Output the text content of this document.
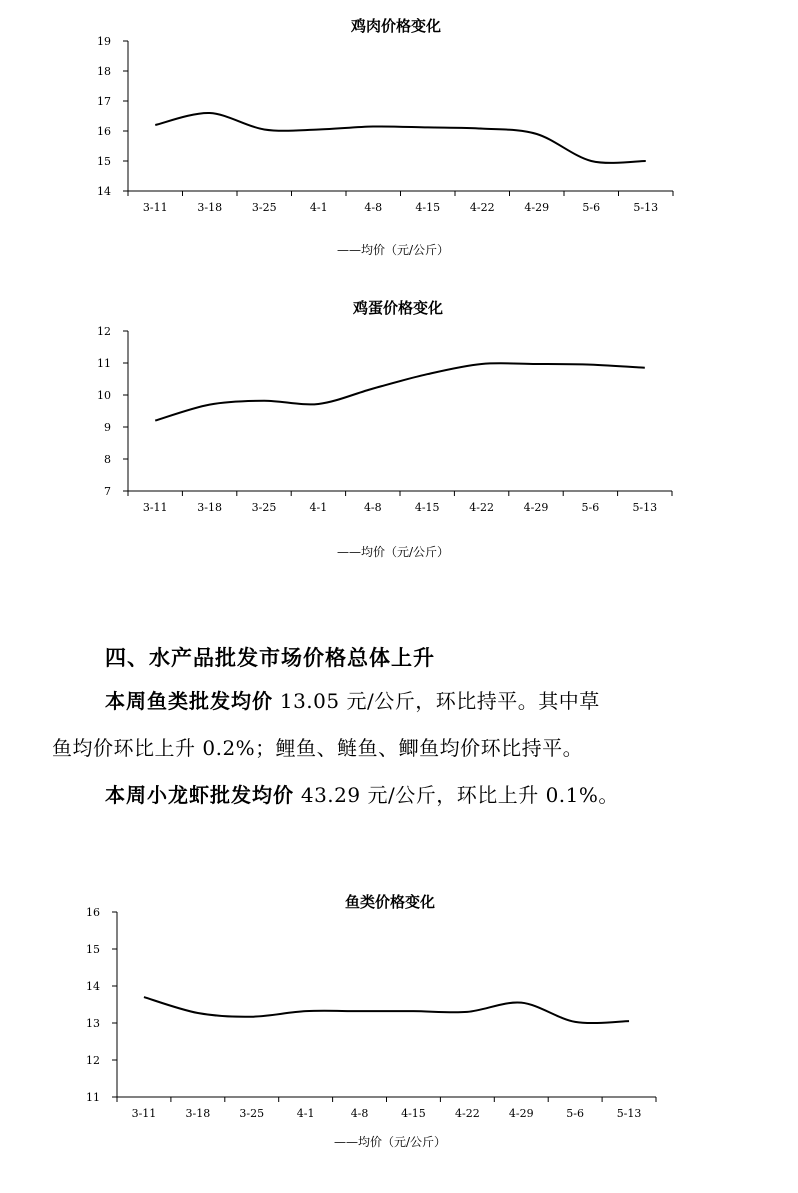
鸡肉价格变化
14
15
16
17
18
19
3-11	3-18	3-25	4-1	4-8	4-15	4-22	4-29	5-6	5-13
——均价（元/公斤）
鸡蛋价格变化
7
8
9
10
11
12
3-11	3-18	3-25	4-1	4-8	4-15	4-22	4-29	5-6	5-13
——均价（元/公斤）
四、水产品批发市场价格总体上升
本周鱼类批发均价 13.05 元/公斤，环比持平。其中草
鱼均价环比上升 0.2%；鲤鱼、鲢鱼、鲫鱼均价环比持平。
本周小龙虾批发均价 43.29 元/公斤，环比上升 0.1%。
鱼类价格变化
11
12
13
14
15
16
3-11	3-18	3-25	4-1	4-8	4-15	4-22	4-29	5-6	5-13
——均价（元/公斤）
